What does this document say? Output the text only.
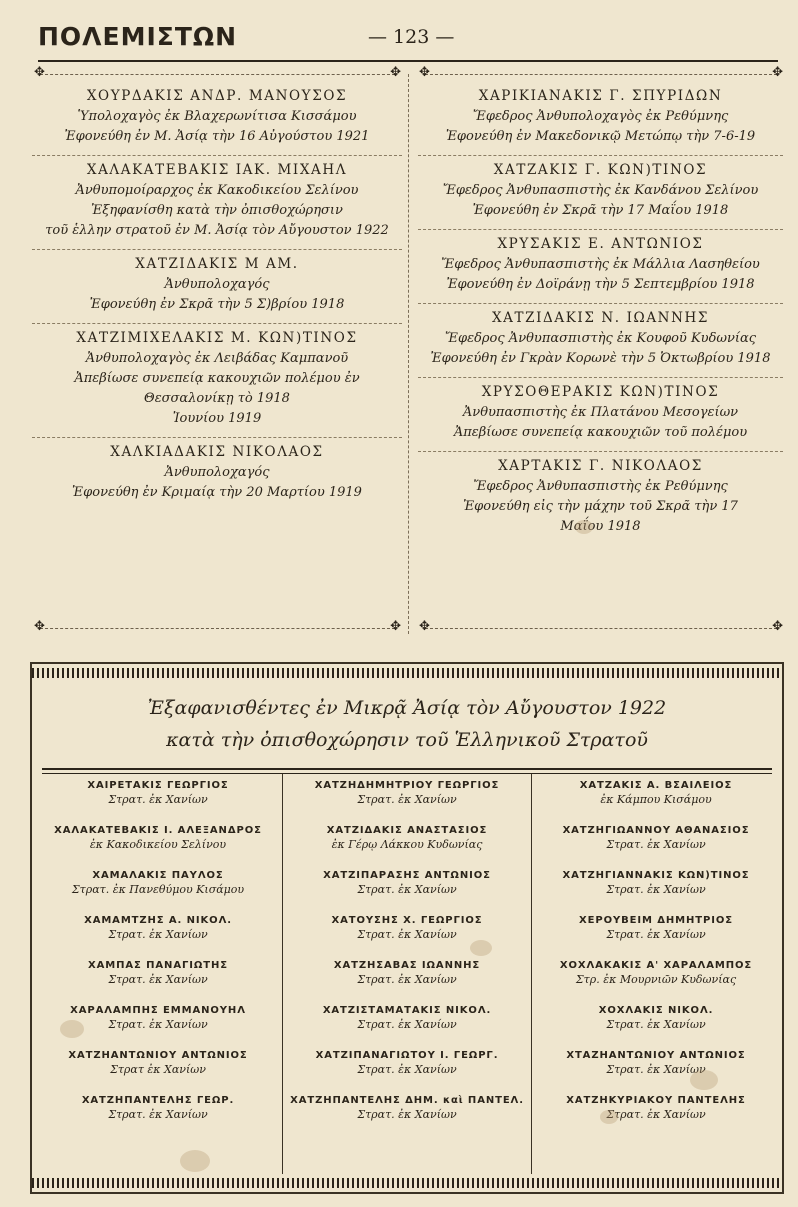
ΠΟΛΕΜΙΣΤΩΝ	— 123 —
✥ ✥
✥ ✥
ΧΟΥΡΔΑΚΙΣ ΑΝΔΡ. ΜΑΝΟΥΣΟΣ
Ὑπολοχαγὸς ἐκ Βλαχερωνίτισα Κισσάμου
Ἐφονεύθη ἐν Μ. Ἀσίᾳ τὴν 16 Αὐγούστου 1921
ΧΑΛΑΚΑΤΕΒΑΚΙΣ ΙΑΚ. ΜΙΧΑΗΛ
Ἀνθυπομοίραρχος ἐκ Κακοδικείου Σελίνου
Ἐξηφανίσθη κατὰ τὴν ὀπισθοχώρησιν
τοῦ ἑλλην στρατοῦ ἐν Μ. Ἀσίᾳ τὸν Αὔγουστον 1922
ΧΑΤΖΙΔΑΚΙΣ Μ ΑΜ.
Ἀνθυπολοχαγός
Ἐφονεύθη ἐν Σκρᾶ τὴν 5 Σ)βρίου 1918
ΧΑΤΖΙΜΙΧΕΛΑΚΙΣ Μ. ΚΩΝ)ΤΙΝΟΣ
Ἀνθυπολοχαγὸς ἐκ Λειβάδας Καμπανοῦ
Ἀπεβίωσε συνεπείᾳ κακουχιῶν πολέμου ἐν
Θεσσαλονίκῃ τὸ 1918
Ἰουνίου 1919
ΧΑΛΚΙΑΔΑΚΙΣ ΝΙΚΟΛΑΟΣ
Ἀνθυπολοχαγός
Ἐφονεύθη ἐν Κριμαίᾳ τὴν 20 Μαρτίου 1919
ΧΑΡΙΚΙΑΝΑΚΙΣ Γ. ΣΠΥΡΙΔΩΝ
Ἔφεδρος Ἀνθυπολοχαγὸς ἐκ Ρεθύμνης
Ἐφονεύθη ἐν Μακεδονικῷ Μετώπῳ τὴν 7-6-19
ΧΑΤΖΑΚΙΣ Γ. ΚΩΝ)ΤΙΝΟΣ
Ἔφεδρος Ἀνθυπασπιστὴς ἐκ Κανδάνου Σελίνου
Ἐφονεύθη ἐν Σκρᾶ τὴν 17 Μαΐου 1918
ΧΡΥΣΑΚΙΣ Ε. ΑΝΤΩΝΙΟΣ
Ἔφεδρος Ἀνθυπασπιστὴς ἐκ Μάλλια Λασηθείου
Ἐφονεύθη ἐν Δοϊράνῃ τὴν 5 Σεπτεμβρίου 1918
ΧΑΤΖΙΔΑΚΙΣ Ν. ΙΩΑΝΝΗΣ
Ἔφεδρος Ἀνθυπασπιστὴς ἐκ Κουφοῦ Κυδωνίας
Ἐφονεύθη ἐν Γκρὰν Κορωνὲ τὴν 5 Ὀκτωβρίου 1918
ΧΡΥΣΟΘΕΡΑΚΙΣ ΚΩΝ)ΤΙΝΟΣ
Ἀνθυπασπιστὴς ἐκ Πλατάνου Μεσογείων
Ἀπεβίωσε συνεπείᾳ κακουχιῶν τοῦ πολέμου
ΧΑΡΤΑΚΙΣ Γ. ΝΙΚΟΛΑΟΣ
Ἔφεδρος Ἀνθυπασπιστὴς ἐκ Ρεθύμνης
Ἐφονεύθη εἰς τὴν μάχην τοῦ Σκρᾶ τὴν 17
Μαΐου 1918
✥ ✥
✥ ✥
Ἐξαφανισθέντες ἐν Μικρᾷ Ἀσίᾳ τὸν Αὔγουστον 1922
κατὰ τὴν ὀπισθοχώρησιν τοῦ Ἑλληνικοῦ Στρατοῦ
ΧΑΙΡΕΤΑΚΙΣ ΓΕΩΡΓΙΟΣ
Στρατ. ἐκ Χανίων
ΧΑΛΑΚΑΤΕΒΑΚΙΣ Ι. ΑΛΕΞΑΝΔΡΟΣ
ἐκ Κακοδικείου Σελίνου
ΧΑΜΑΛΑΚΙΣ ΠΑΥΛΟΣ
Στρατ. ἐκ Πανεθύμου Κισάμου
ΧΑΜΑΜΤΖΗΣ Α. ΝΙΚΟΛ.
Στρατ. ἐκ Χανίων
ΧΑΜΠΑΣ ΠΑΝΑΓΙΩΤΗΣ
Στρατ. ἐκ Χανίων
ΧΑΡΑΛΑΜΠΗΣ ΕΜΜΑΝΟΥΗΛ
Στρατ. ἐκ Χανίων
ΧΑΤΖΗΑΝΤΩΝΙΟΥ ΑΝΤΩΝΙΟΣ
Στρατ ἐκ Χανίων
ΧΑΤΖΗΠΑΝΤΕΛΗΣ ΓΕΩΡ.
Στρατ. ἐκ Χανίων
ΧΑΤΖΗΔΗΜΗΤΡΙΟΥ ΓΕΩΡΓΙΟΣ
Στρατ. ἐκ Χανίων
ΧΑΤΖΙΔΑΚΙΣ ΑΝΑΣΤΑΣΙΟΣ
ἐκ Γέρῳ Λάκκου Κυδωνίας
ΧΑΤΖΙΠΑΡΑΣΗΣ ΑΝΤΩΝΙΟΣ
Στρατ. ἐκ Χανίων
ΧΑΤΟΥΣΗΣ Χ. ΓΕΩΡΓΙΟΣ
Στρατ. ἐκ Χανίων
ΧΑΤΖΗΣΑΒΑΣ ΙΩΑΝΝΗΣ
Στρατ. ἐκ Χανίων
ΧΑΤΖΙΣΤΑΜΑΤΑΚΙΣ ΝΙΚΟΛ.
Στρατ. ἐκ Χανίων
ΧΑΤΖΙΠΑΝΑΓΙΩΤΟΥ Ι. ΓΕΩΡΓ.
Στρατ. ἐκ Χανίων
ΧΑΤΖΗΠΑΝΤΕΛΗΣ ΔΗΜ. καὶ ΠΑΝΤΕΛ.
Στρατ. ἐκ Χανίων
ΧΑΤΖΑΚΙΣ Α. ΒΣΑΙΛΕΙΟΣ
ἐκ Κάμπου Κισάμου
ΧΑΤΖΗΓΙΩΑΝΝΟΥ ΑΘΑΝΑΣΙΟΣ
Στρατ. ἐκ Χανίων
ΧΑΤΖΗΓΙΑΝΝΑΚΙΣ ΚΩΝ)ΤΙΝΟΣ
Στρατ. ἐκ Χανίων
ΧΕΡΟΥΒΕΙΜ ΔΗΜΗΤΡΙΟΣ
Στρατ. ἐκ Χανίων
ΧΟΧΛΑΚΑΚΙΣ Α' ΧΑΡΑΛΑΜΠΟΣ
Στρ. ἐκ Μουρνιῶν Κυδωνίας
ΧΟΧΛΑΚΙΣ ΝΙΚΟΛ.
Στρατ. ἐκ Χανίων
ΧΤΑΖΗΑΝΤΩΝΙΟΥ ΑΝΤΩΝΙΟΣ
Στρατ. ἐκ Χανίων
ΧΑΤΖΗΚΥΡΙΑΚΟΥ ΠΑΝΤΕΛΗΣ
Στρατ. ἐκ Χανίων
